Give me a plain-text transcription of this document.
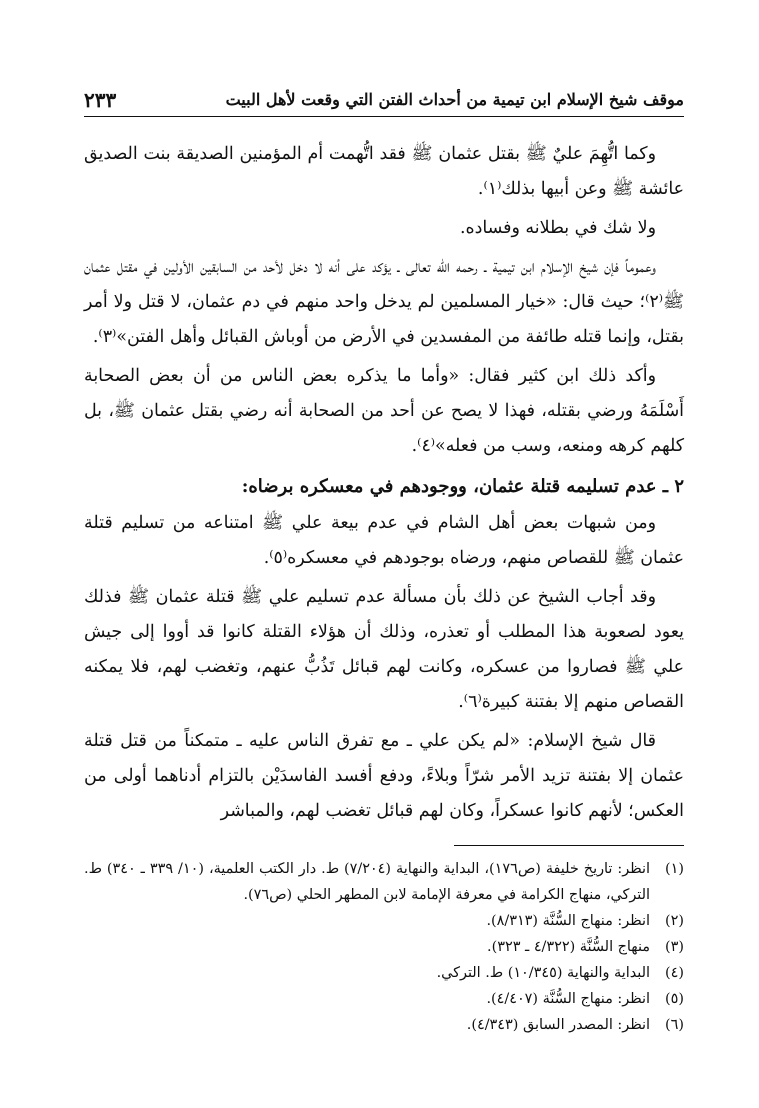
موقف شيخ الإسلام ابن تيمية من أحداث الفتن التي وقعت لأهل البيت
٢٣٣

وكما اتُّهِمَ عليٌ ﷺ بقتل عثمان ﷺ فقد اتُّهمت أم المؤمنين الصديقة بنت الصديق عائشة ﷺ وعن أبيها بذلك⁽١⁾.

ولا شك في بطلانه وفساده.

وعموماً فإن شيخ الإسلام ابن تيمية ـ رحمه الله تعالى ـ يؤكد على أنه لا دخل لأحد من السابقين الأولين في مقتل عثمان ﷺ⁽٢⁾؛ حيث قال: «خيار المسلمين لم يدخل واحد منهم في دم عثمان، لا قتل ولا أمر بقتل، وإنما قتله طائفة من المفسدين في الأرض من أوباش القبائل وأهل الفتن»⁽٣⁾.

وأكد ذلك ابن كثير فقال: «وأما ما يذكره بعض الناس من أن بعض الصحابة أَسْلَمَهُ ورضي بقتله، فهذا لا يصح عن أحد من الصحابة أنه رضي بقتل عثمان ﷺ، بل كلهم كرهه ومنعه، وسب من فعله»⁽٤⁾.

٢ ـ عدم تسليمه قتلة عثمان، ووجودهم في معسكره برضاه:

ومن شبهات بعض أهل الشام في عدم بيعة علي ﷺ امتناعه من تسليم قتلة عثمان ﷺ للقصاص منهم، ورضاه بوجودهم في معسكره⁽٥⁾.

وقد أجاب الشيخ عن ذلك بأن مسألة عدم تسليم علي ﷺ قتلة عثمان ﷺ فذلك يعود لصعوبة هذا المطلب أو تعذره، وذلك أن هؤلاء القتلة كانوا قد أووا إلى جيش علي ﷺ فصاروا من عسكره، وكانت لهم قبائل تَذُبُّ عنهم، وتغضب لهم، فلا يمكنه القصاص منهم إلا بفتنة كبيرة⁽٦⁾.

قال شيخ الإسلام: «لم يكن علي ـ مع تفرق الناس عليه ـ متمكناً من قتل قتلة عثمان إلا بفتنة تزيد الأمر شرّاً وبلاءً، ودفع أفسد الفاسدَيْن بالتزام أدناهما أولى من العكس؛ لأنهم كانوا عسكراً، وكان لهم قبائل تغضب لهم، والمباشر

(١)
انظر: تاريخ خليفة (ص١٧٦)، البداية والنهاية (٧/٢٠٤) ط. دار الكتب العلمية، (١٠/ ٣٣٩ ـ ٣٤٠) ط. التركي، منهاج الكرامة في معرفة الإمامة لابن المطهر الحلي (ص٧٦).
(٢)
انظر: منهاج السُّنَّة (٨/٣١٣).
(٣)
منهاج السُّنَّة (٤/٣٢٢ ـ ٣٢٣).
(٤)
البداية والنهاية (١٠/٣٤٥) ط. التركي.
(٥)
انظر: منهاج السُّنَّة (٤/٤٠٧).
(٦)
انظر: المصدر السابق (٤/٣٤٣).
